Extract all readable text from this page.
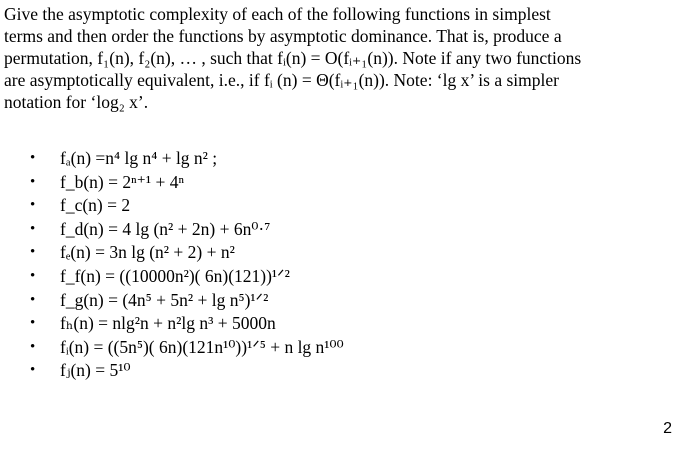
Give the asymptotic complexity of each of the following functions in simplest
terms and then order the functions by asymptotic dominance. That is, produce a
permutation, f₁(n), f₂(n), … , such that fᵢ(n) = O(fᵢ₊₁(n)). Note if any two functions
are asymptotically equivalent, i.e., if fᵢ (n) = Θ(fᵢ₊₁(n)). Note: ‘lg x’ is a simpler
notation for ‘log₂ x’.
• fₐ(n) =n⁴ lg n⁴ + lg n² ;
• f_b(n) = 2ⁿ⁺¹ + 4ⁿ
• f_c(n) = 2
• f_d(n) = 4 lg (n² + 2n) + 6n⁰·⁷
• fₑ(n) = 3n lg (n² + 2) + n²
• f_f(n) = ((10000n²)( 6n)(121))¹ᐟ²
• f_g(n) = (4n⁵ + 5n² + lg n⁵)¹ᐟ²
• fₕ(n) = nlg²n + n²lg n³ + 5000n
• fᵢ(n) = ((5n⁵)( 6n)(121n¹⁰))¹ᐟ⁵ + n lg n¹⁰⁰
• fⱼ(n) = 5¹⁰
2
